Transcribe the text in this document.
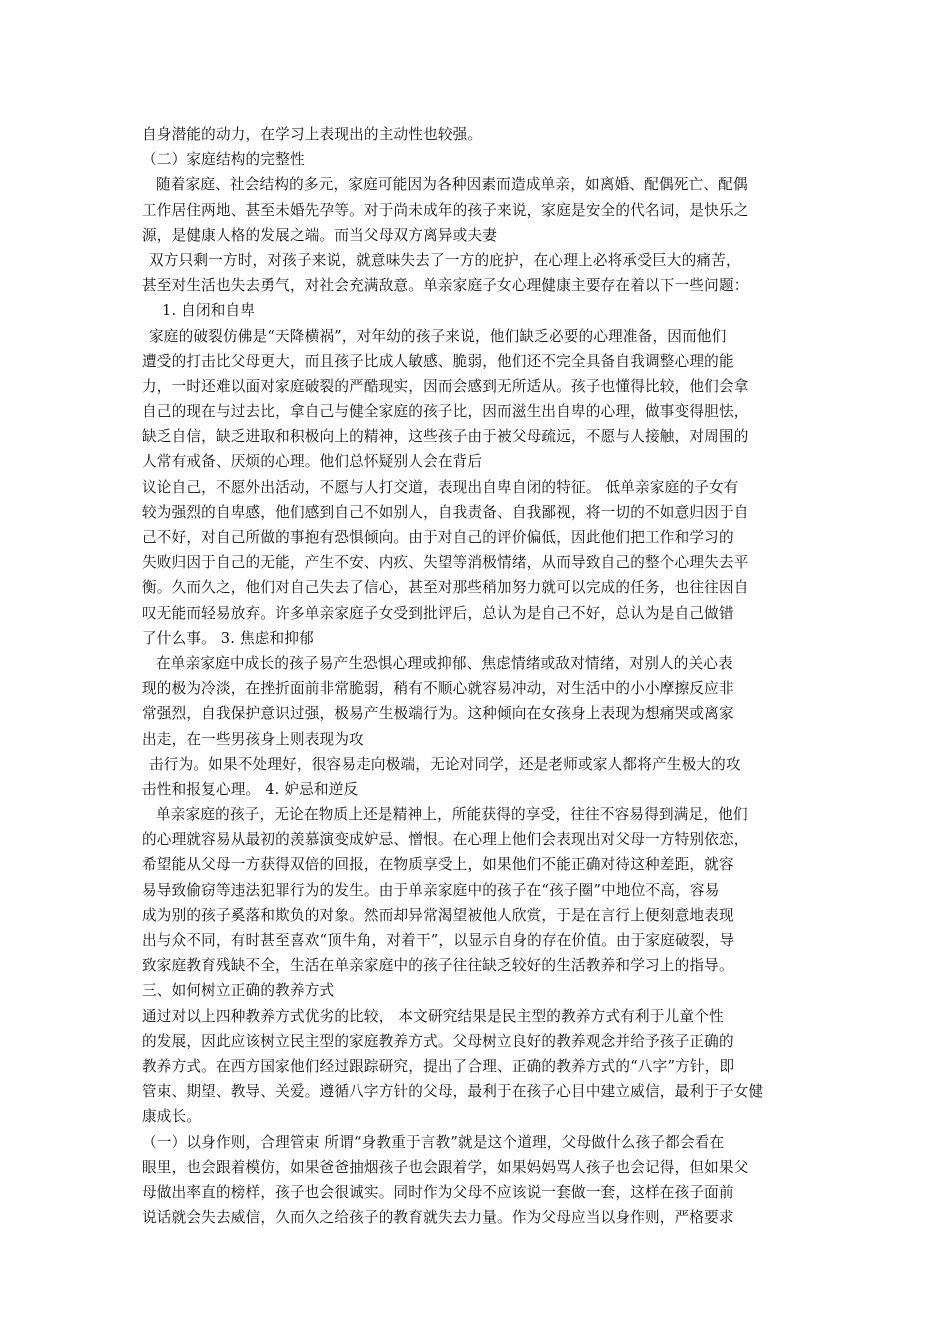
自身潜能的动力，在学习上表现出的主动性也较强。
（二）家庭结构的完整性
随着家庭、社会结构的多元，家庭可能因为各种因素而造成单亲，如离婚、配偶死亡、配偶
工作居住两地、甚至未婚先孕等。对于尚未成年的孩子来说，家庭是安全的代名词，是快乐之
源，是健康人格的发展之端。而当父母双方离异或夫妻
双方只剩一方时，对孩子来说，就意味失去了一方的庇护，在心理上必将承受巨大的痛苦，
甚至对生活也失去勇气，对社会充满敌意。单亲家庭子女心理健康主要存在着以下一些问题：
1. 自闭和自卑
家庭的破裂仿佛是“天降横祸”，对年幼的孩子来说，他们缺乏必要的心理准备，因而他们
遭受的打击比父母更大，而且孩子比成人敏感、脆弱，他们还不完全具备自我调整心理的能
力，一时还难以面对家庭破裂的严酷现实，因而会感到无所适从。孩子也懂得比较，他们会拿
自己的现在与过去比，拿自己与健全家庭的孩子比，因而滋生出自卑的心理，做事变得胆怯，
缺乏自信，缺乏进取和积极向上的精神，这些孩子由于被父母疏远，不愿与人接触，对周围的
人常有戒备、厌烦的心理。他们总怀疑别人会在背后
议论自己，不愿外出活动，不愿与人打交道，表现出自卑自闭的特征。 低单亲家庭的子女有
较为强烈的自卑感，他们感到自己不如别人，自我责备、自我鄙视，将一切的不如意归因于自
己不好，对自己所做的事抱有恐惧倾向。由于对自己的评价偏低，因此他们把工作和学习的
失败归因于自己的无能，产生不安、内疚、失望等消极情绪，从而导致自己的整个心理失去平
衡。久而久之，他们对自己失去了信心，甚至对那些稍加努力就可以完成的任务，也往往因自
叹无能而轻易放弃。许多单亲家庭子女受到批评后，总认为是自己不好，总认为是自己做错
了什么事。 3. 焦虑和抑郁
在单亲家庭中成长的孩子易产生恐惧心理或抑郁、焦虑情绪或敌对情绪，对别人的关心表
现的极为冷淡，在挫折面前非常脆弱，稍有不顺心就容易冲动，对生活中的小小摩擦反应非
常强烈，自我保护意识过强，极易产生极端行为。这种倾向在女孩身上表现为想痛哭或离家
出走，在一些男孩身上则表现为攻
击行为。如果不处理好，很容易走向极端，无论对同学，还是老师或家人都将产生极大的攻
击性和报复心理。 4. 妒忌和逆反
单亲家庭的孩子，无论在物质上还是精神上，所能获得的享受，往往不容易得到满足，他们
的心理就容易从最初的羡慕演变成妒忌、憎恨。在心理上他们会表现出对父母一方特别依恋，
希望能从父母一方获得双倍的回报，在物质享受上，如果他们不能正确对待这种差距，就容
易导致偷窃等违法犯罪行为的发生。由于单亲家庭中的孩子在“孩子圈”中地位不高，容易
成为别的孩子奚落和欺负的对象。然而却异常渴望被他人欣赏，于是在言行上便刻意地表现
出与众不同，有时甚至喜欢“顶牛角，对着干”，以显示自身的存在价值。由于家庭破裂，导
致家庭教育残缺不全，生活在单亲家庭中的孩子往往缺乏较好的生活教养和学习上的指导。
三、如何树立正确的教养方式
通过对以上四种教养方式优劣的比较， 本文研究结果是民主型的教养方式有利于儿童个性
的发展，因此应该树立民主型的家庭教养方式。父母树立良好的教养观念并给予孩子正确的
教养方式。在西方国家他们经过跟踪研究，提出了合理、正确的教养方式的“八字”方针，即
管束、期望、教导、关爱。遵循八字方针的父母，最利于在孩子心目中建立威信，最利于子女健
康成长。
（一）以身作则，合理管束 所谓“身教重于言教”就是这个道理，父母做什么孩子都会看在
眼里，也会跟着模仿，如果爸爸抽烟孩子也会跟着学，如果妈妈骂人孩子也会记得，但如果父
母做出率直的榜样，孩子也会很诚实。同时作为父母不应该说一套做一套，这样在孩子面前
说话就会失去威信，久而久之给孩子的教育就失去力量。作为父母应当以身作则，严格要求
